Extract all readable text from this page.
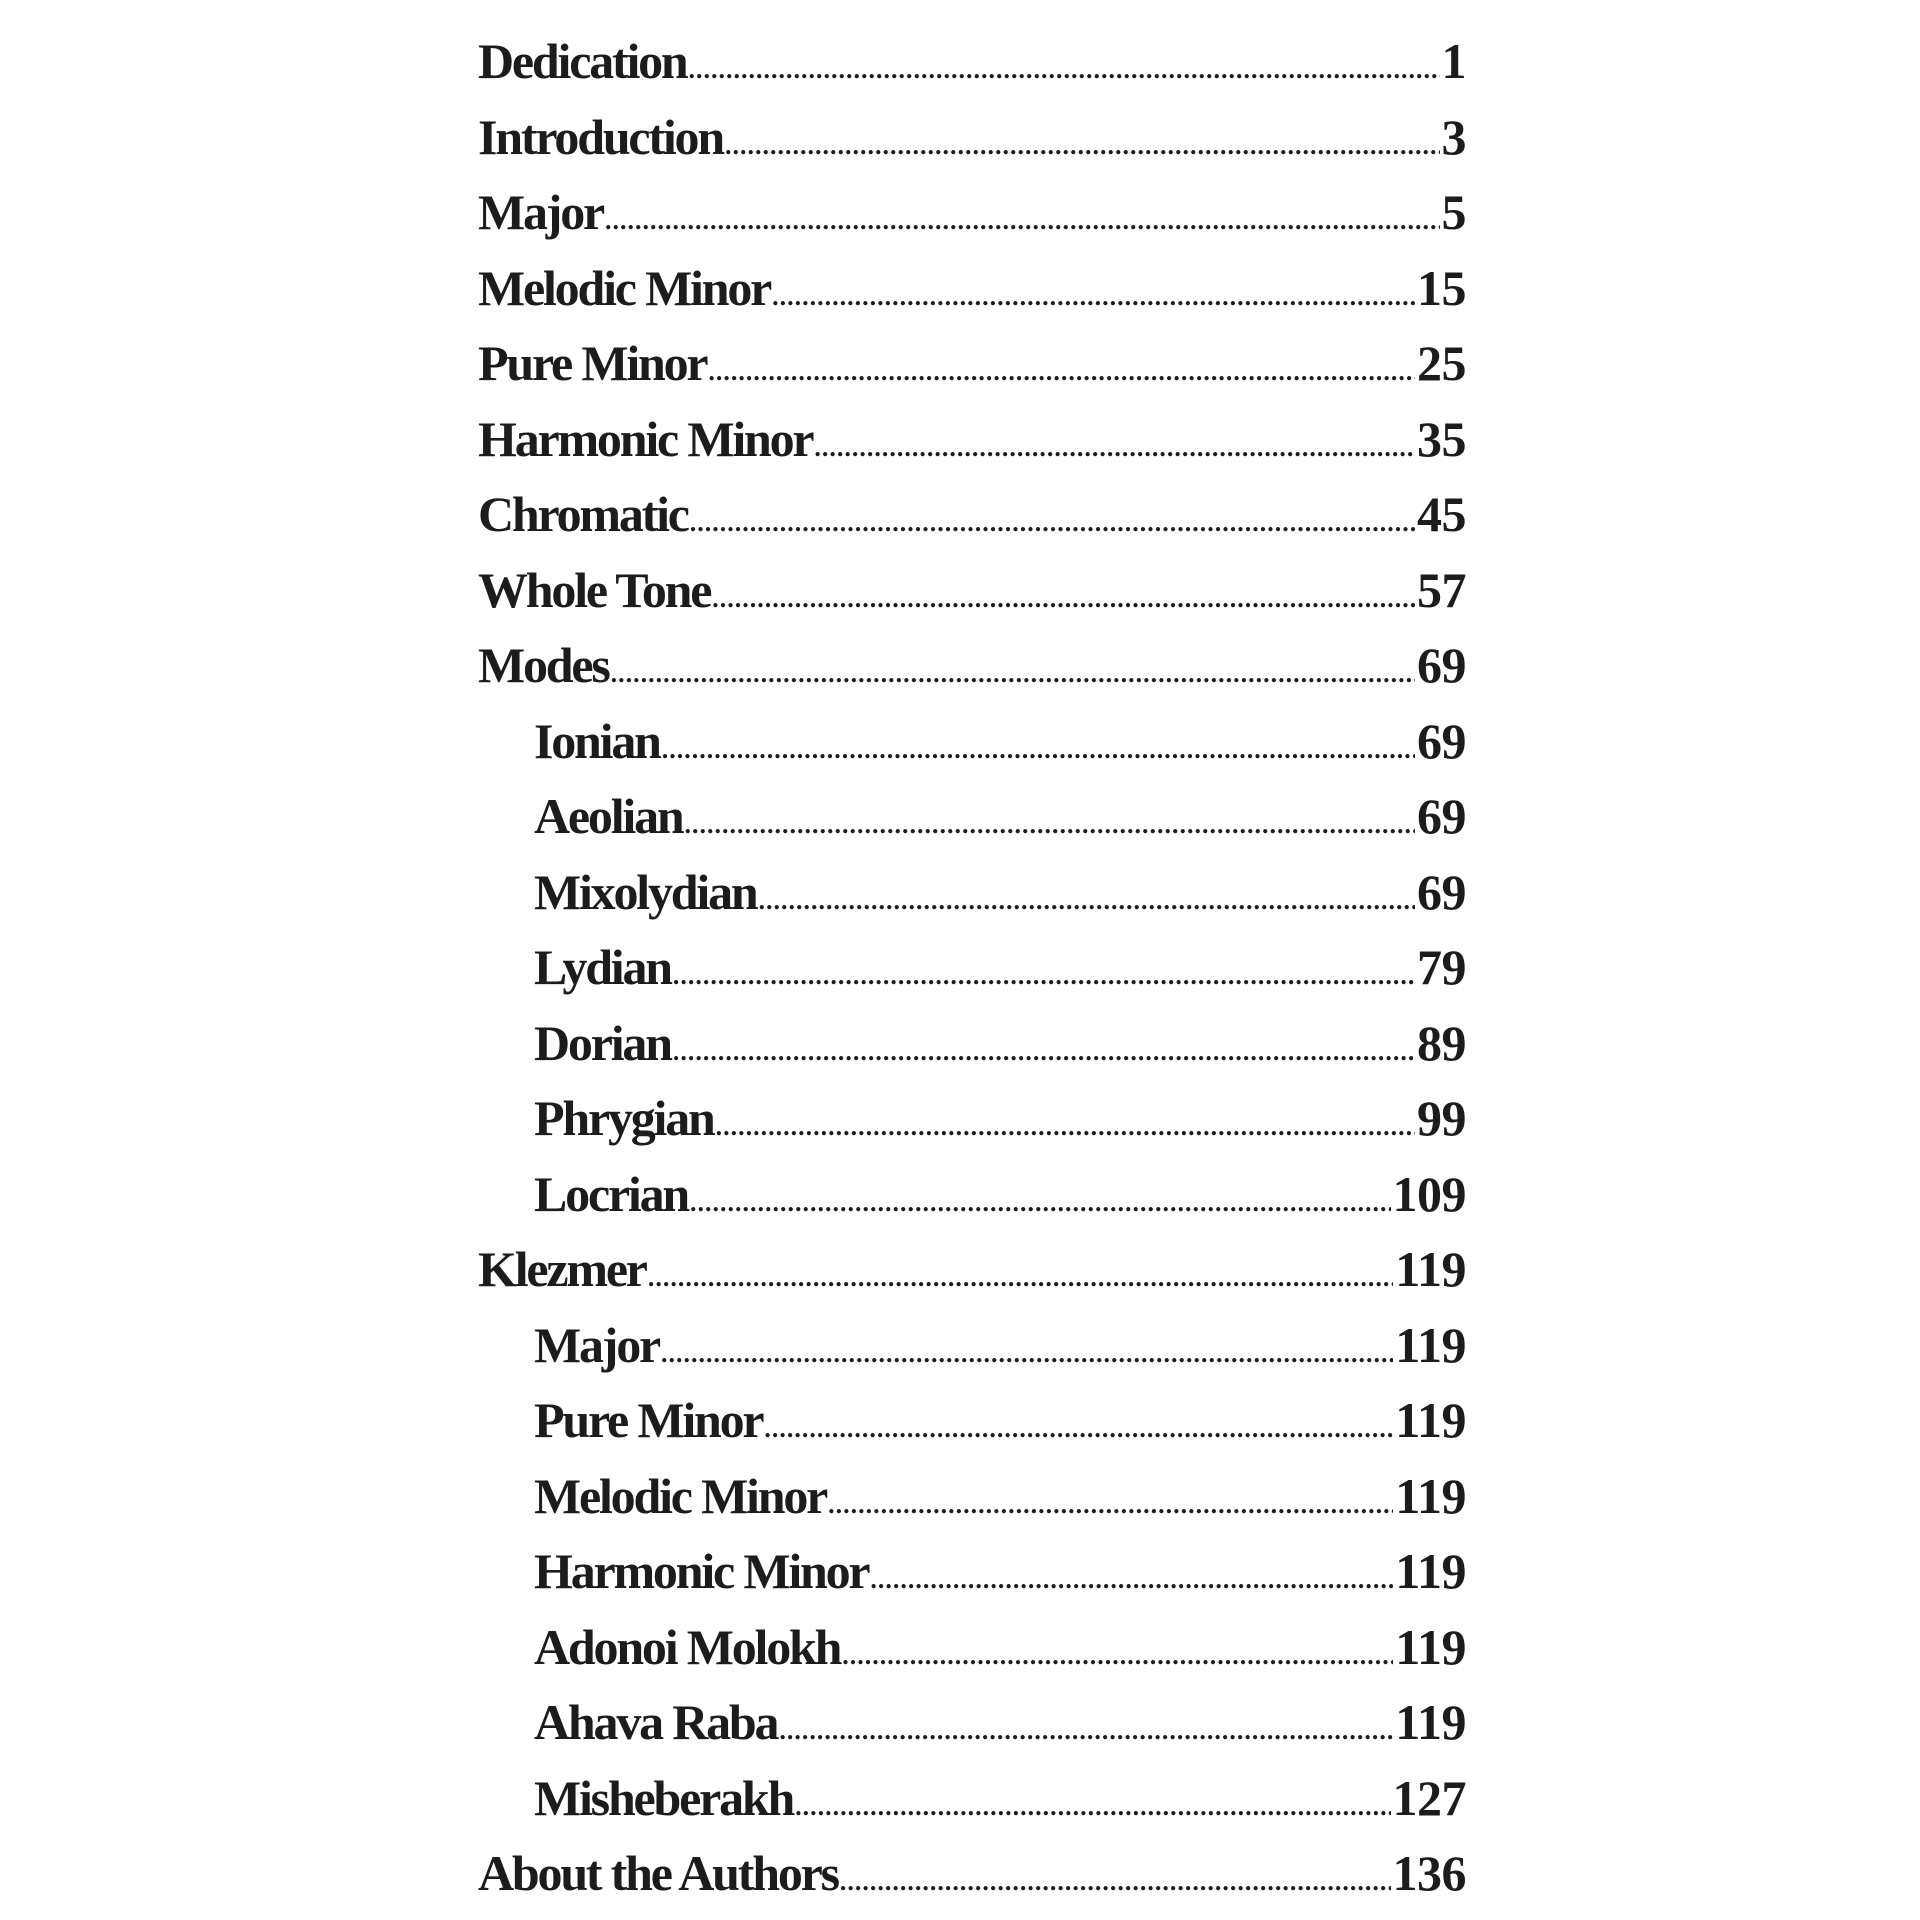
Dedication .....	1
Introduction .....	3
Major .....	5
Melodic Minor .....	15
Pure Minor .....	25
Harmonic Minor .....	35
Chromatic .....	45
Whole Tone .....	57
Modes .....	69
Ionian .....	69
Aeolian .....	69
Mixolydian .....	69
Lydian .....	79
Dorian .....	89
Phrygian .....	99
Locrian .....	109
Klezmer .....	119
Major .....	119
Pure Minor .....	119
Melodic Minor .....	119
Harmonic Minor .....	119
Adonoi Molokh .....	119
Ahava Raba .....	119
Misheberakh .....	127
About the Authors .....	136
